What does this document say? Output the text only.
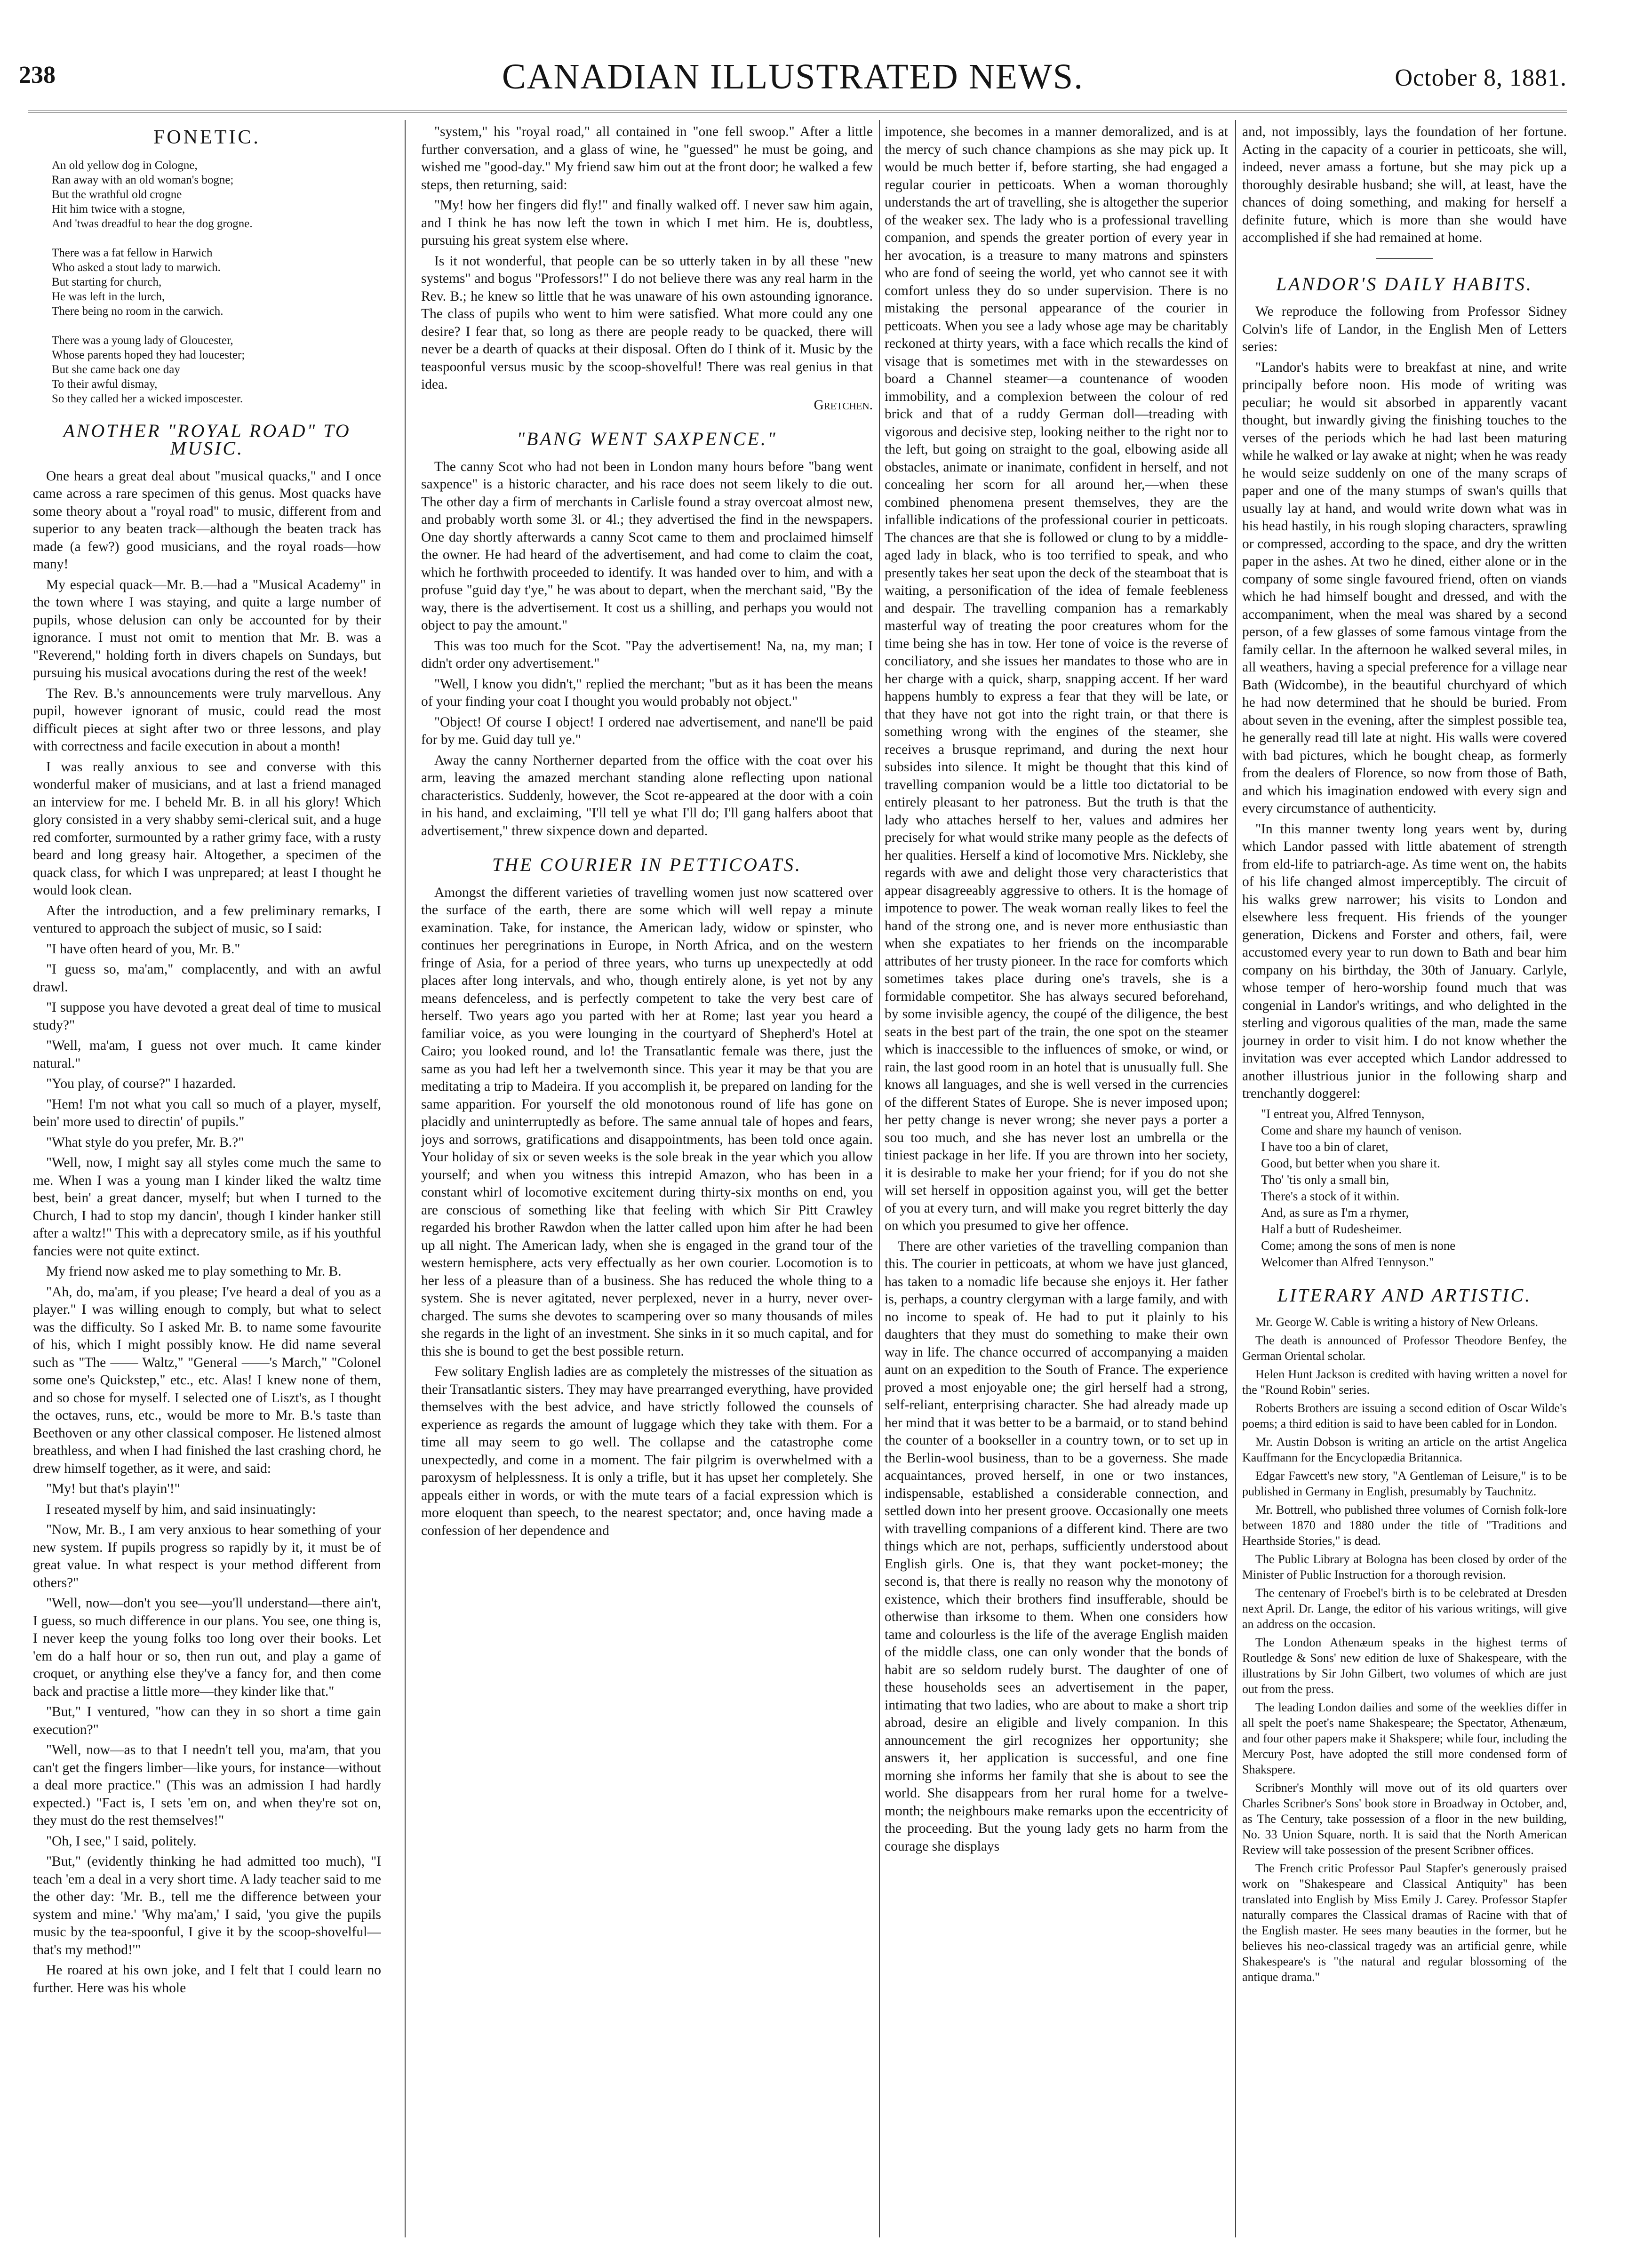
238	CANADIAN ILLUSTRATED NEWS.	October 8, 1881.
FONETIC.
An old yellow dog in Cologne,
Ran away with an old woman's bogne;
But the wrathful old crogne
Hit him twice with a stogne,
And 'twas dreadful to hear the dog grogne.

There was a fat fellow in Harwich
Who asked a stout lady to marwich.
But starting for church,
He was left in the lurch,
There being no room in the carwich.

There was a young lady of Gloucester,
Whose parents hoped they had loucester;
But she came back one day
To their awful dismay,
So they called her a wicked imposcester.
ANOTHER "ROYAL ROAD" TO MUSIC.

One hears a great deal about "musical quacks," and I once came across a rare specimen of this genus. Most quacks have some theory about a "royal road" to music, different from and superior to any beaten track—although the beaten track has made (a few?) good musicians, and the royal roads—how many!

My especial quack—Mr. B.—had a "Musical Academy" in the town where I was staying, and quite a large number of pupils, whose delusion can only be accounted for by their ignorance. I must not omit to mention that Mr. B. was a "Reverend," holding forth in divers chapels on Sundays, but pursuing his musical avocations during the rest of the week!

The Rev. B.'s announcements were truly marvellous. Any pupil, however ignorant of music, could read the most difficult pieces at sight after two or three lessons, and play with correctness and facile execution in about a month!

I was really anxious to see and converse with this wonderful maker of musicians, and at last a friend managed an interview for me. I beheld Mr. B. in all his glory! Which glory consisted in a very shabby semi-clerical suit, and a huge red comforter, surmounted by a rather grimy face, with a rusty beard and long greasy hair. Altogether, a specimen of the quack class, for which I was unprepared; at least I thought he would look clean.

After the introduction, and a few preliminary remarks, I ventured to approach the subject of music, so I said:

"I have often heard of you, Mr. B."

"I guess so, ma'am," complacently, and with an awful drawl.

"I suppose you have devoted a great deal of time to musical study?"

"Well, ma'am, I guess not over much. It came kinder natural."

"You play, of course?" I hazarded.

"Hem! I'm not what you call so much of a player, myself, bein' more used to directin' of pupils."

"What style do you prefer, Mr. B.?"

"Well, now, I might say all styles come much the same to me. When I was a young man I kinder liked the waltz time best, bein' a great dancer, myself; but when I turned to the Church, I had to stop my dancin', though I kinder hanker still after a waltz!" This with a deprecatory smile, as if his youthful fancies were not quite extinct.

My friend now asked me to play something to Mr. B.

"Ah, do, ma'am, if you please; I've heard a deal of you as a player." I was willing enough to comply, but what to select was the difficulty. So I asked Mr. B. to name some favourite of his, which I might possibly know. He did name several such as "The —— Waltz," "General ——'s March," "Colonel some one's Quickstep," etc., etc. Alas! I knew none of them, and so chose for myself. I selected one of Liszt's, as I thought the octaves, runs, etc., would be more to Mr. B.'s taste than Beethoven or any other classical composer. He listened almost breathless, and when I had finished the last crashing chord, he drew himself together, as it were, and said:

"My! but that's playin'!"

I reseated myself by him, and said insinuatingly:

"Now, Mr. B., I am very anxious to hear something of your new system. If pupils progress so rapidly by it, it must be of great value. In what respect is your method different from others?"

"Well, now—don't you see—you'll understand—there ain't, I guess, so much difference in our plans. You see, one thing is, I never keep the young folks too long over their books. Let 'em do a half hour or so, then run out, and play a game of croquet, or anything else they've a fancy for, and then come back and practise a little more—they kinder like that."

"But," I ventured, "how can they in so short a time gain execution?"

"Well, now—as to that I needn't tell you, ma'am, that you can't get the fingers limber—like yours, for instance—without a deal more practice." (This was an admission I had hardly expected.) "Fact is, I sets 'em on, and when they're sot on, they must do the rest themselves!"

"Oh, I see," I said, politely.

"But," (evidently thinking he had admitted too much), "I teach 'em a deal in a very short time. A lady teacher said to me the other day: 'Mr. B., tell me the difference between your system and mine.' 'Why ma'am,' I said, 'you give the pupils music by the tea-spoonful, I give it by the scoop-shovelful—that's my method!'"

He roared at his own joke, and I felt that I could learn no further. Here was his whole

"system," his "royal road," all contained in "one fell swoop." After a little further conversation, and a glass of wine, he "guessed" he must be going, and wished me "good-day." My friend saw him out at the front door; he walked a few steps, then returning, said:

"My! how her fingers did fly!" and finally walked off. I never saw him again, and I think he has now left the town in which I met him. He is, doubtless, pursuing his great system else where.

Is it not wonderful, that people can be so utterly taken in by all these "new systems" and bogus "Professors!" I do not believe there was any real harm in the Rev. B.; he knew so little that he was unaware of his own astounding ignorance. The class of pupils who went to him were satisfied. What more could any one desire? I fear that, so long as there are people ready to be quacked, there will never be a dearth of quacks at their disposal. Often do I think of it. Music by the teaspoonful versus music by the scoop-shovelful! There was real genius in that idea.

Gretchen.
"BANG WENT SAXPENCE."

The canny Scot who had not been in London many hours before "bang went saxpence" is a historic character, and his race does not seem likely to die out. The other day a firm of merchants in Carlisle found a stray overcoat almost new, and probably worth some 3l. or 4l.; they advertised the find in the newspapers. One day shortly afterwards a canny Scot came to them and proclaimed himself the owner. He had heard of the advertisement, and had come to claim the coat, which he forthwith proceeded to identify. It was handed over to him, and with a profuse "guid day t'ye," he was about to depart, when the merchant said, "By the way, there is the advertisement. It cost us a shilling, and perhaps you would not object to pay the amount."

This was too much for the Scot. "Pay the advertisement! Na, na, my man; I didn't order ony advertisement."

"Well, I know you didn't," replied the merchant; "but as it has been the means of your finding your coat I thought you would probably not object."

"Object! Of course I object! I ordered nae advertisement, and nane'll be paid for by me. Guid day tull ye."

Away the canny Northerner departed from the office with the coat over his arm, leaving the amazed merchant standing alone reflecting upon national characteristics. Suddenly, however, the Scot re-appeared at the door with a coin in his hand, and exclaiming, "I'll tell ye what I'll do; I'll gang halfers aboot that advertisement," threw sixpence down and departed.

THE COURIER IN PETTICOATS.

Amongst the different varieties of travelling women just now scattered over the surface of the earth, there are some which will well repay a minute examination. Take, for instance, the American lady, widow or spinster, who continues her peregrinations in Europe, in North Africa, and on the western fringe of Asia, for a period of three years, who turns up unexpectedly at odd places after long intervals, and who, though entirely alone, is yet not by any means defenceless, and is perfectly competent to take the very best care of herself. Two years ago you parted with her at Rome; last year you heard a familiar voice, as you were lounging in the courtyard of Shepherd's Hotel at Cairo; you looked round, and lo! the Transatlantic female was there, just the same as you had left her a twelvemonth since. This year it may be that you are meditating a trip to Madeira. If you accomplish it, be prepared on landing for the same apparition. For yourself the old monotonous round of life has gone on placidly and uninterruptedly as before. The same annual tale of hopes and fears, joys and sorrows, gratifications and disappointments, has been told once again. Your holiday of six or seven weeks is the sole break in the year which you allow yourself; and when you witness this intrepid Amazon, who has been in a constant whirl of locomotive excitement during thirty-six months on end, you are conscious of something like that feeling with which Sir Pitt Crawley regarded his brother Rawdon when the latter called upon him after he had been up all night. The American lady, when she is engaged in the grand tour of the western hemisphere, acts very effectually as her own courier. Locomotion is to her less of a pleasure than of a business. She has reduced the whole thing to a system. She is never agitated, never perplexed, never in a hurry, never over-charged. The sums she devotes to scampering over so many thousands of miles she regards in the light of an investment. She sinks in it so much capital, and for this she is bound to get the best possible return.

Few solitary English ladies are as completely the mistresses of the situation as their Transatlantic sisters. They may have prearranged everything, have provided themselves with the best advice, and have strictly followed the counsels of experience as regards the amount of luggage which they take with them. For a time all may seem to go well. The collapse and the catastrophe come unexpectedly, and come in a moment. The fair pilgrim is overwhelmed with a paroxysm of helplessness. It is only a trifle, but it has upset her completely. She appeals either in words, or with the mute tears of a facial expression which is more eloquent than speech, to the nearest spectator; and, once having made a confession of her dependence and

impotence, she becomes in a manner demoralized, and is at the mercy of such chance champions as she may pick up. It would be much better if, before starting, she had engaged a regular courier in petticoats. When a woman thoroughly understands the art of travelling, she is altogether the superior of the weaker sex. The lady who is a professional travelling companion, and spends the greater portion of every year in her avocation, is a treasure to many matrons and spinsters who are fond of seeing the world, yet who cannot see it with comfort unless they do so under supervision. There is no mistaking the personal appearance of the courier in petticoats. When you see a lady whose age may be charitably reckoned at thirty years, with a face which recalls the kind of visage that is sometimes met with in the stewardesses on board a Channel steamer—a countenance of wooden immobility, and a complexion between the colour of red brick and that of a ruddy German doll—treading with vigorous and decisive step, looking neither to the right nor to the left, but going on straight to the goal, elbowing aside all obstacles, animate or inanimate, confident in herself, and not concealing her scorn for all around her,—when these combined phenomena present themselves, they are the infallible indications of the professional courier in petticoats. The chances are that she is followed or clung to by a middle-aged lady in black, who is too terrified to speak, and who presently takes her seat upon the deck of the steamboat that is waiting, a personification of the idea of female feebleness and despair. The travelling companion has a remarkably masterful way of treating the poor creatures whom for the time being she has in tow. Her tone of voice is the reverse of conciliatory, and she issues her mandates to those who are in her charge with a quick, sharp, snapping accent. If her ward happens humbly to express a fear that they will be late, or that they have not got into the right train, or that there is something wrong with the engines of the steamer, she receives a brusque reprimand, and during the next hour subsides into silence. It might be thought that this kind of travelling companion would be a little too dictatorial to be entirely pleasant to her patroness. But the truth is that the lady who attaches herself to her, values and admires her precisely for what would strike many people as the defects of her qualities. Herself a kind of locomotive Mrs. Nickleby, she regards with awe and delight those very characteristics that appear disagreeably aggressive to others. It is the homage of impotence to power. The weak woman really likes to feel the hand of the strong one, and is never more enthusiastic than when she expatiates to her friends on the incomparable attributes of her trusty pioneer. In the race for comforts which sometimes takes place during one's travels, she is a formidable competitor. She has always secured beforehand, by some invisible agency, the coupé of the diligence, the best seats in the best part of the train, the one spot on the steamer which is inaccessible to the influences of smoke, or wind, or rain, the last good room in an hotel that is unusually full. She knows all languages, and she is well versed in the currencies of the different States of Europe. She is never imposed upon; her petty change is never wrong; she never pays a porter a sou too much, and she has never lost an umbrella or the tiniest package in her life. If you are thrown into her society, it is desirable to make her your friend; for if you do not she will set herself in opposition against you, will get the better of you at every turn, and will make you regret bitterly the day on which you presumed to give her offence.

There are other varieties of the travelling companion than this. The courier in petticoats, at whom we have just glanced, has taken to a nomadic life because she enjoys it. Her father is, perhaps, a country clergyman with a large family, and with no income to speak of. He had to put it plainly to his daughters that they must do something to make their own way in life. The chance occurred of accompanying a maiden aunt on an expedition to the South of France. The experience proved a most enjoyable one; the girl herself had a strong, self-reliant, enterprising character. She had already made up her mind that it was better to be a barmaid, or to stand behind the counter of a bookseller in a country town, or to set up in the Berlin-wool business, than to be a governess. She made acquaintances, proved herself, in one or two instances, indispensable, established a considerable connection, and settled down into her present groove. Occasionally one meets with travelling companions of a different kind. There are two things which are not, perhaps, sufficiently understood about English girls. One is, that they want pocket-money; the second is, that there is really no reason why the monotony of existence, which their brothers find insufferable, should be otherwise than irksome to them. When one considers how tame and colourless is the life of the average English maiden of the middle class, one can only wonder that the bonds of habit are so seldom rudely burst. The daughter of one of these households sees an advertisement in the paper, intimating that two ladies, who are about to make a short trip abroad, desire an eligible and lively companion. In this announcement the girl recognizes her opportunity; she answers it, her application is successful, and one fine morning she informs her family that she is about to see the world. She disappears from her rural home for a twelve-month; the neighbours make remarks upon the eccentricity of the proceeding. But the young lady gets no harm from the courage she displays

and, not impossibly, lays the foundation of her fortune. Acting in the capacity of a courier in petticoats, she will, indeed, never amass a fortune, but she may pick up a thoroughly desirable husband; she will, at least, have the chances of doing something, and making for herself a definite future, which is more than she would have accomplished if she had remained at home.

LANDOR'S DAILY HABITS.

We reproduce the following from Professor Sidney Colvin's life of Landor, in the English Men of Letters series:

"Landor's habits were to breakfast at nine, and write principally before noon. His mode of writing was peculiar; he would sit absorbed in apparently vacant thought, but inwardly giving the finishing touches to the verses of the periods which he had last been maturing while he walked or lay awake at night; when he was ready he would seize suddenly on one of the many scraps of paper and one of the many stumps of swan's quills that usually lay at hand, and would write down what was in his head hastily, in his rough sloping characters, sprawling or compressed, according to the space, and dry the written paper in the ashes. At two he dined, either alone or in the company of some single favoured friend, often on viands which he had himself bought and dressed, and with the accompaniment, when the meal was shared by a second person, of a few glasses of some famous vintage from the family cellar. In the afternoon he walked several miles, in all weathers, having a special preference for a village near Bath (Widcombe), in the beautiful churchyard of which he had now determined that he should be buried. From about seven in the evening, after the simplest possible tea, he generally read till late at night. His walls were covered with bad pictures, which he bought cheap, as formerly from the dealers of Florence, so now from those of Bath, and which his imagination endowed with every sign and every circumstance of authenticity.

"In this manner twenty long years went by, during which Landor passed with little abatement of strength from eld-life to patriarch-age. As time went on, the habits of his life changed almost imperceptibly. The circuit of his walks grew narrower; his visits to London and elsewhere less frequent. His friends of the younger generation, Dickens and Forster and others, fail, were accustomed every year to run down to Bath and bear him company on his birthday, the 30th of January. Carlyle, whose temper of hero-worship found much that was congenial in Landor's writings, and who delighted in the sterling and vigorous qualities of the man, made the same journey in order to visit him. I do not know whether the invitation was ever accepted which Landor addressed to another illustrious junior in the following sharp and trenchantly doggerel:

"I entreat you, Alfred Tennyson,
Come and share my haunch of venison.
I have too a bin of claret,
Good, but better when you share it.
Tho' 'tis only a small bin,
There's a stock of it within.
And, as sure as I'm a rhymer,
Half a butt of Rudesheimer.
Come; among the sons of men is none
Welcomer than Alfred Tennyson."
LITERARY AND ARTISTIC.

Mr. George W. Cable is writing a history of New Orleans.

The death is announced of Professor Theodore Benfey, the German Oriental scholar.

Helen Hunt Jackson is credited with having written a novel for the "Round Robin" series.

Roberts Brothers are issuing a second edition of Oscar Wilde's poems; a third edition is said to have been cabled for in London.

Mr. Austin Dobson is writing an article on the artist Angelica Kauffmann for the Encyclopædia Britannica.

Edgar Fawcett's new story, "A Gentleman of Leisure," is to be published in Germany in English, presumably by Tauchnitz.

Mr. Bottrell, who published three volumes of Cornish folk-lore between 1870 and 1880 under the title of "Traditions and Hearthside Stories," is dead.

The Public Library at Bologna has been closed by order of the Minister of Public Instruction for a thorough revision.

The centenary of Froebel's birth is to be celebrated at Dresden next April. Dr. Lange, the editor of his various writings, will give an address on the occasion.

The London Athenæum speaks in the highest terms of Routledge & Sons' new edition de luxe of Shakespeare, with the illustrations by Sir John Gilbert, two volumes of which are just out from the press.

The leading London dailies and some of the weeklies differ in all spelt the poet's name Shakespeare; the Spectator, Athenæum, and four other papers make it Shakspere; while four, including the Mercury Post, have adopted the still more condensed form of Shakspere.

Scribner's Monthly will move out of its old quarters over Charles Scribner's Sons' book store in Broadway in October, and, as The Century, take possession of a floor in the new building, No. 33 Union Square, north. It is said that the North American Review will take possession of the present Scribner offices.

The French critic Professor Paul Stapfer's generously praised work on "Shakespeare and Classical Antiquity" has been translated into English by Miss Emily J. Carey. Professor Stapfer naturally compares the Classical dramas of Racine with that of the English master. He sees many beauties in the former, but he believes his neo-classical tragedy was an artificial genre, while Shakespeare's is "the natural and regular blossoming of the antique drama."
